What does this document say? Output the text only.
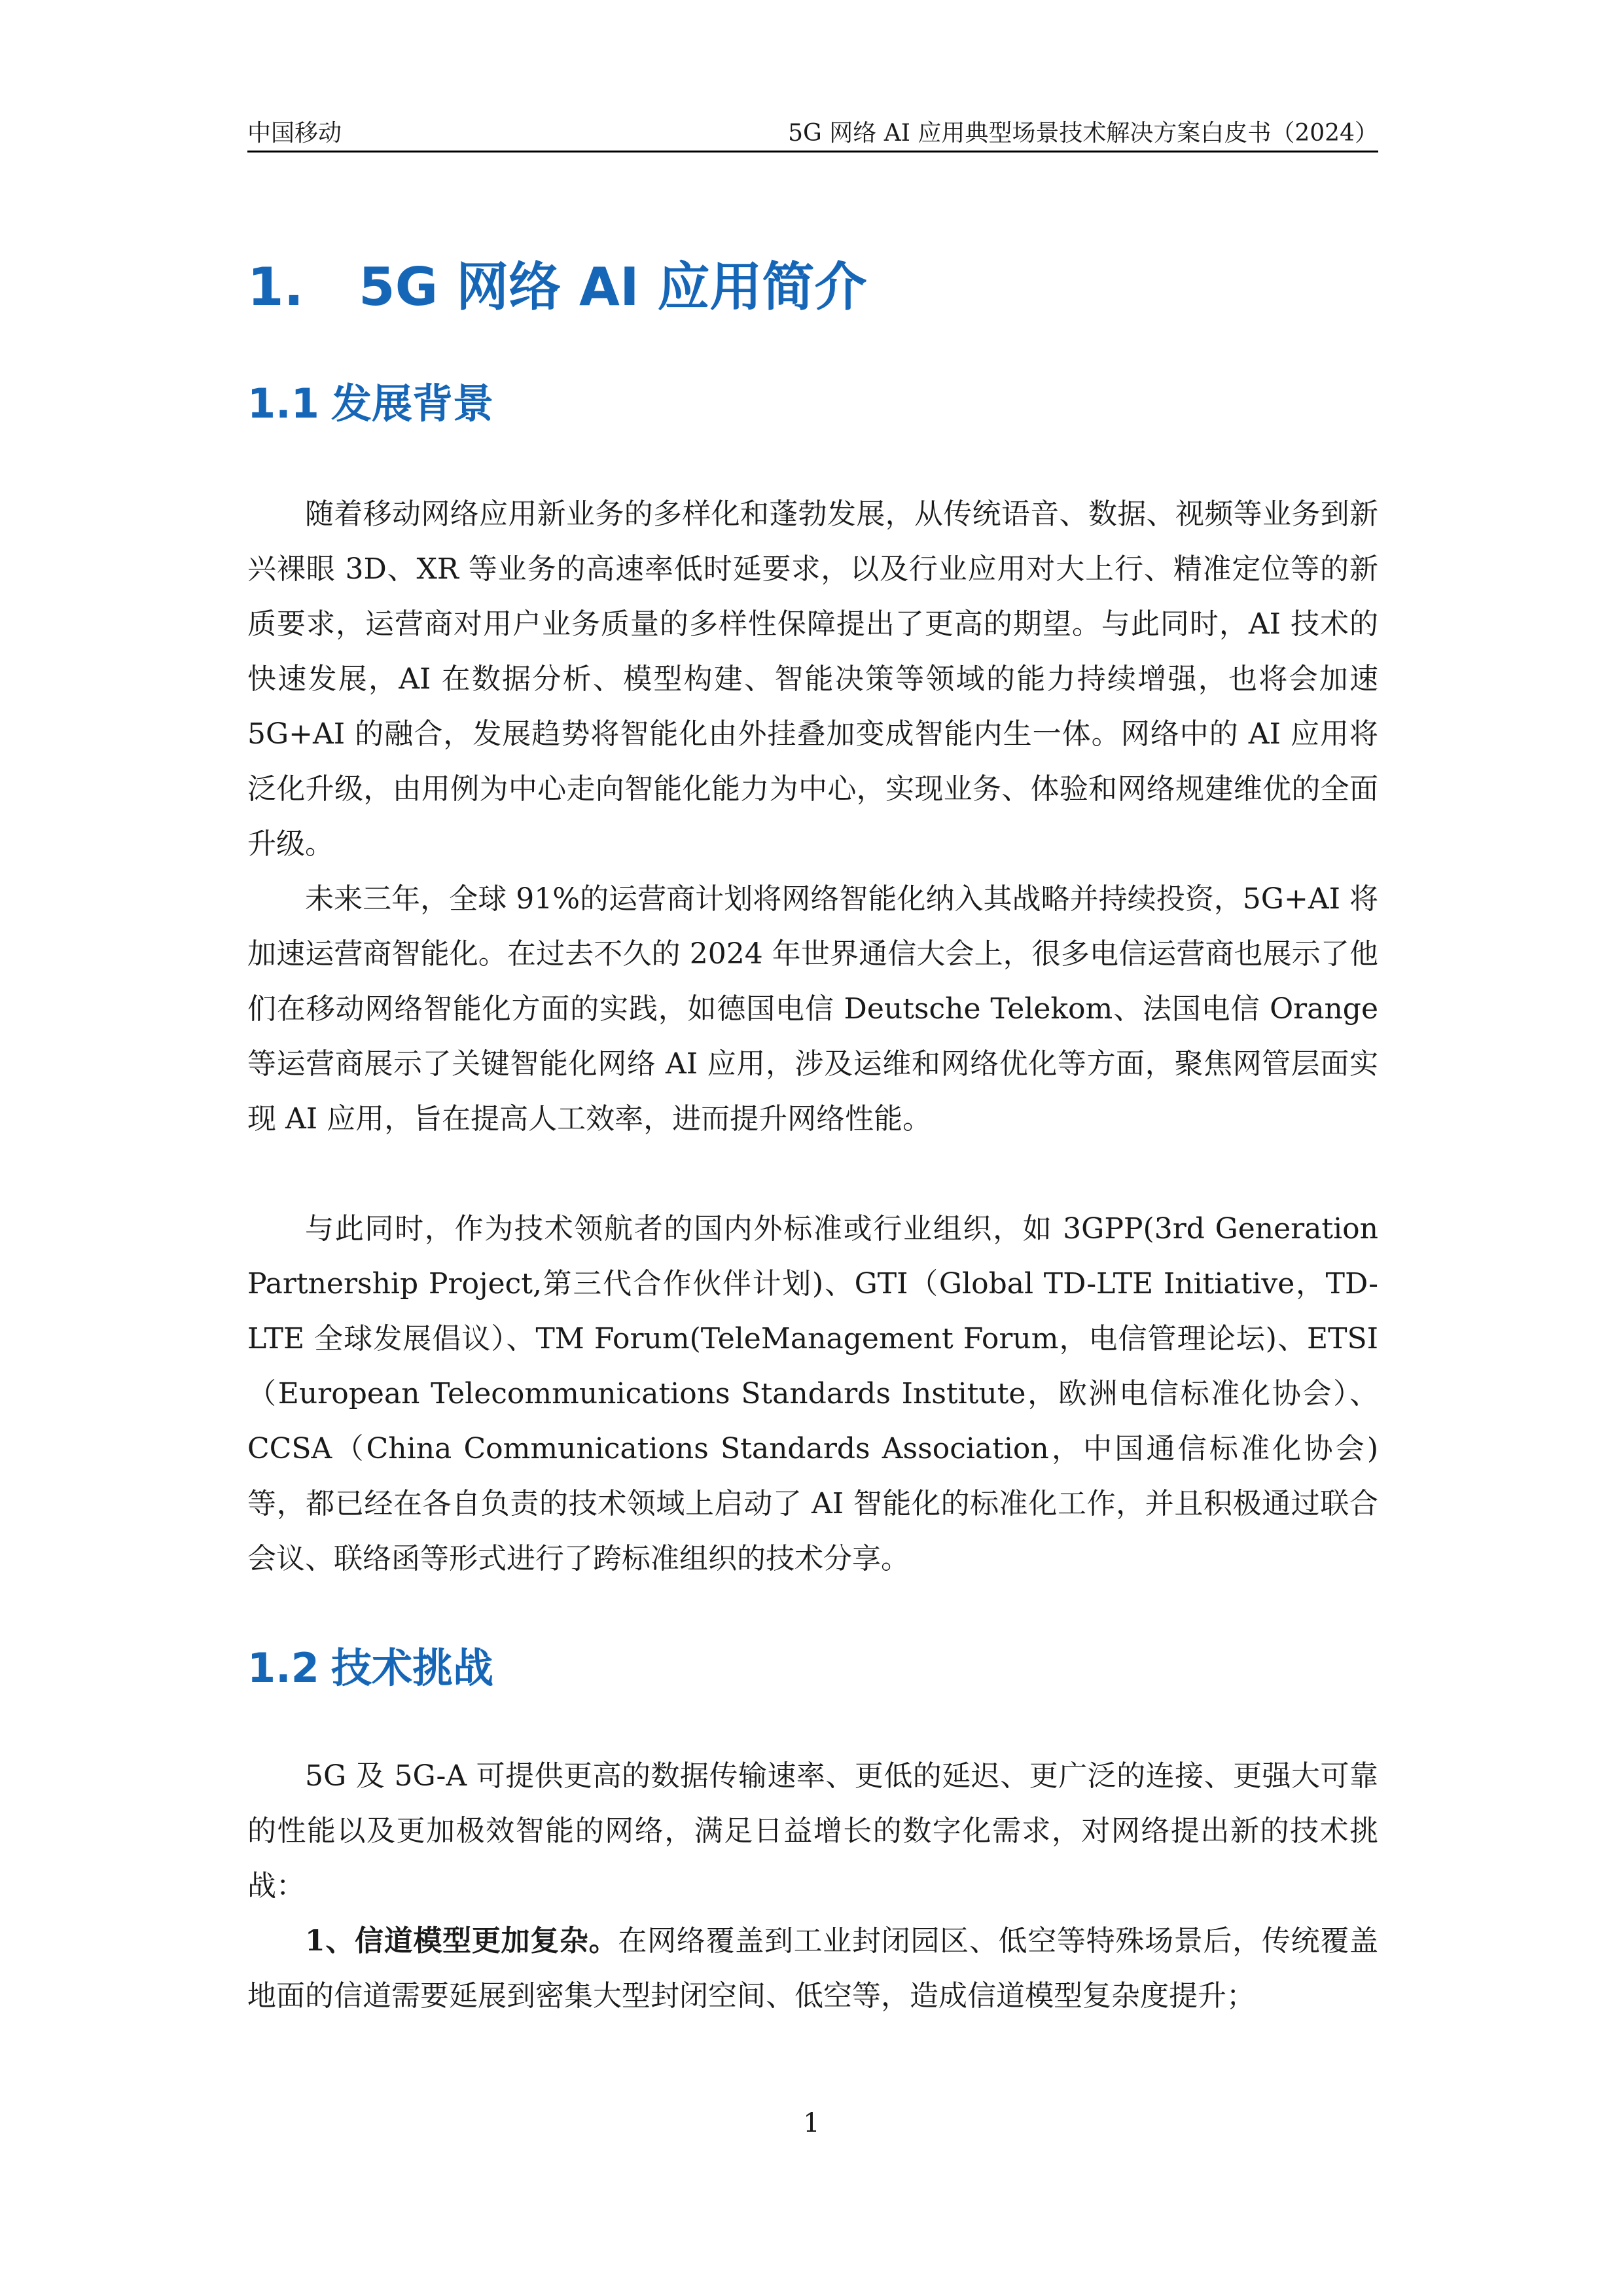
中国移动	5G 网络 AI 应用典型场景技术解决方案白皮书（2024）
1. 5G 网络 AI 应用简介
1.1 发展背景

随着移动网络应用新业务的多样化和蓬勃发展，从传统语音、数据、视频等业务到新兴裸眼 3D、XR 等业务的高速率低时延要求，以及行业应用对大上行、精准定位等的新质要求，运营商对用户业务质量的多样性保障提出了更高的期望。与此同时，AI 技术的快速发展，AI 在数据分析、模型构建、智能决策等领域的能力持续增强，也将会加速 5G+AI 的融合，发展趋势将智能化由外挂叠加变成智能内生一体。网络中的 AI 应用将泛化升级，由用例为中心走向智能化能力为中心，实现业务、体验和网络规建维优的全面升级。

未来三年，全球 91%的运营商计划将网络智能化纳入其战略并持续投资，5G+AI 将加速运营商智能化。在过去不久的 2024 年世界通信大会上，很多电信运营商也展示了他们在移动网络智能化方面的实践，如德国电信 Deutsche Telekom、法国电信 Orange 等运营商展示了关键智能化网络 AI 应用，涉及运维和网络优化等方面，聚焦网管层面实现 AI 应用，旨在提高人工效率，进而提升网络性能。

与此同时，作为技术领航者的国内外标准或行业组织，如 3GPP(3rd Generation Partnership Project,第三代合作伙伴计划)、GTI（Global TD-LTE Initiative，TD-LTE 全球发展倡议）、TM Forum(TeleManagement Forum，电信管理论坛)、ETSI（European Telecommunications Standards Institute，欧洲电信标准化协会）、CCSA（China Communications Standards Association，中国通信标准化协会)等，都已经在各自负责的技术领域上启动了 AI 智能化的标准化工作，并且积极通过联合会议、联络函等形式进行了跨标准组织的技术分享。

1.2 技术挑战

5G 及 5G-A 可提供更高的数据传输速率、更低的延迟、更广泛的连接、更强大可靠的性能以及更加极效智能的网络，满足日益增长的数字化需求，对网络提出新的技术挑战：

1、信道模型更加复杂。在网络覆盖到工业封闭园区、低空等特殊场景后，传统覆盖地面的信道需要延展到密集大型封闭空间、低空等，造成信道模型复杂度提升；

1
